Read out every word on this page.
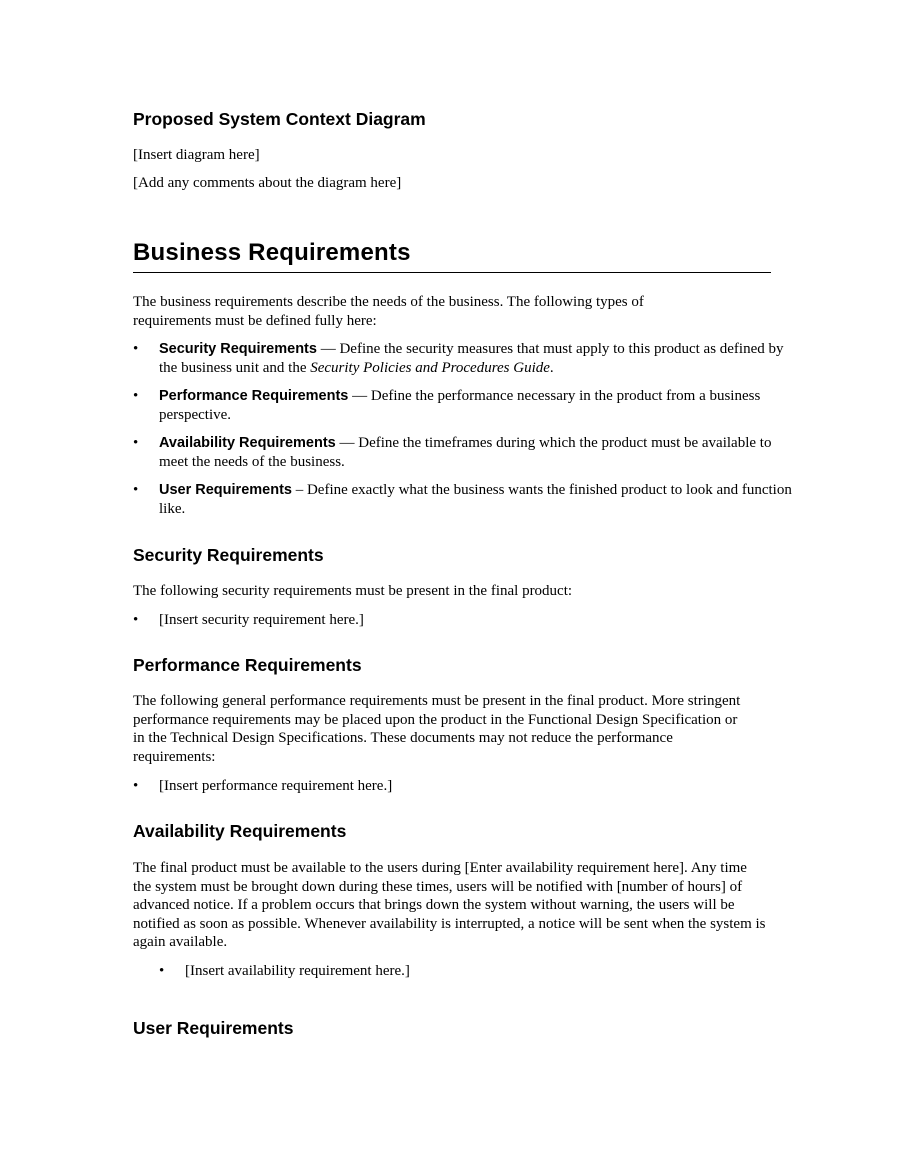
Proposed System Context Diagram

[Insert diagram here]

[Add any comments about the diagram here]

Business Requirements

The business requirements describe the needs of the business. The following types of requirements must be defined fully here:

• Security Requirements — Define the security measures that must apply to this product as defined by the business unit and the Security Policies and Procedures Guide.
• Performance Requirements — Define the performance necessary in the product from a business perspective.
• Availability Requirements — Define the timeframes during which the product must be available to meet the needs of the business.
• User Requirements – Define exactly what the business wants the finished product to look and function like.
Security Requirements

The following security requirements must be present in the final product:

• [Insert security requirement here.]
Performance Requirements

The following general performance requirements must be present in the final product. More stringent performance requirements may be placed upon the product in the Functional Design Specification or in the Technical Design Specifications. These documents may not reduce the performance requirements:

• [Insert performance requirement here.]
Availability Requirements

The final product must be available to the users during [Enter availability requirement here]. Any time the system must be brought down during these times, users will be notified with [number of hours] of advanced notice. If a problem occurs that brings down the system without warning, the users will be notified as soon as possible. Whenever availability is interrupted, a notice will be sent when the system is again available.

• [Insert availability requirement here.]
User Requirements
